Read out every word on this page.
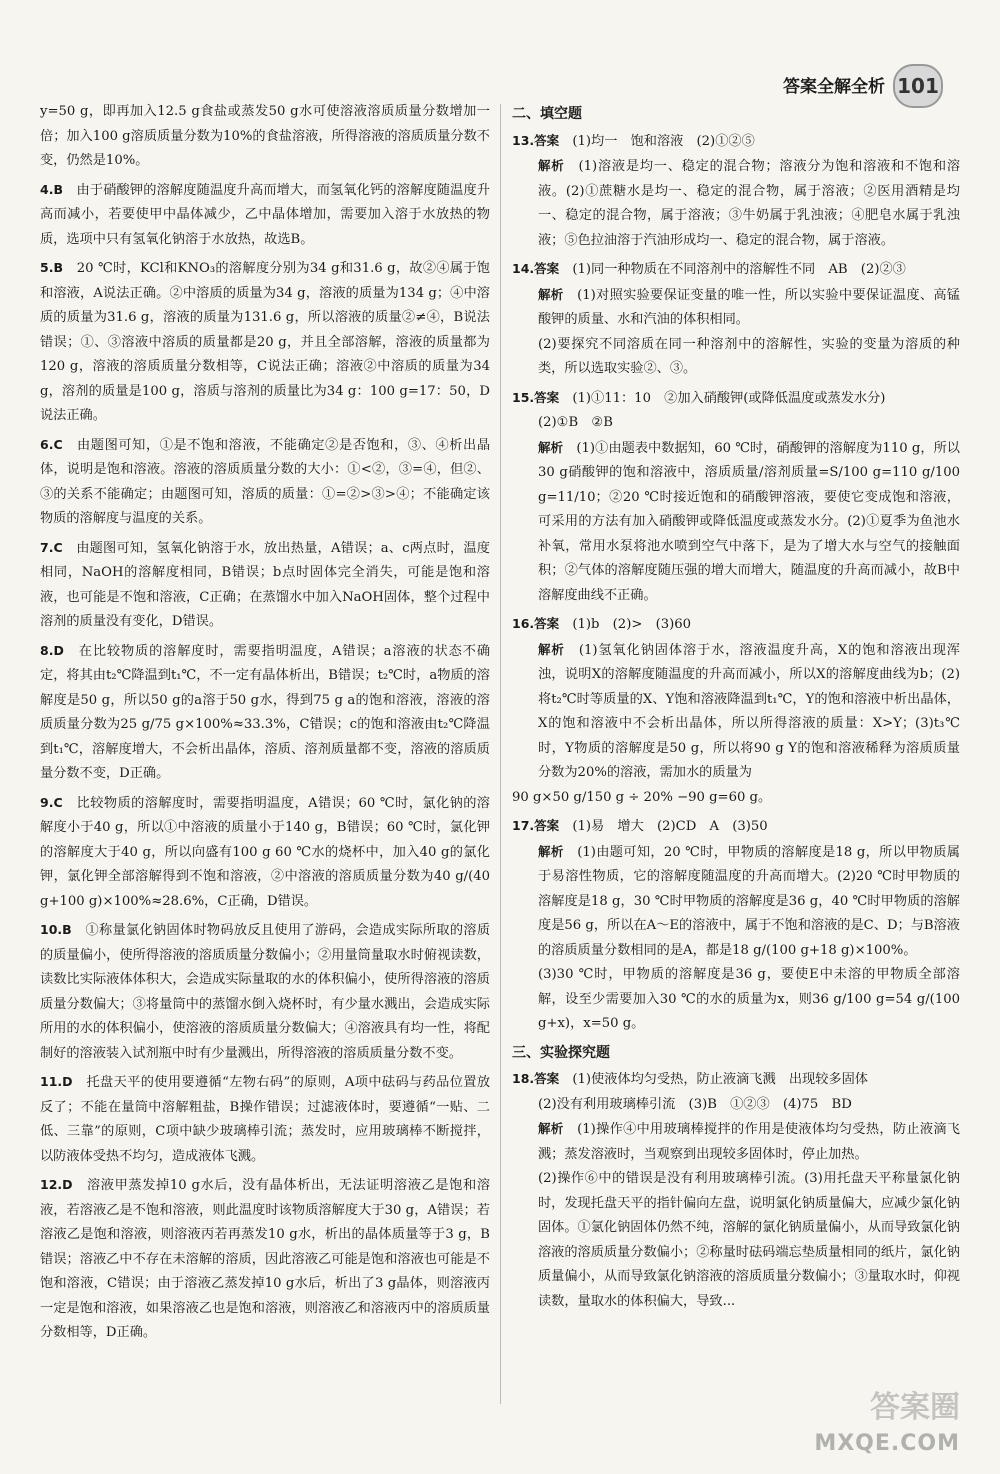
答案全解全析 101
y=50 g，即再加入12.5 g食盐或蒸发50 g水可使溶液溶质质量分数增加一倍；加入100 g溶质质量分数为10%的食盐溶液，所得溶液的溶质质量分数不变，仍然是10%。
4.B　 由于硝酸钾的溶解度随温度升高而增大，而氢氧化钙的溶解度随温度升高而减小，若要使甲中晶体减少，乙中晶体增加，需要加入溶于水放热的物质，选项中只有氢氧化钠溶于水放热，故选B。
5.B　 20 ℃时，KCl和KNO₃的溶解度分别为34 g和31.6 g，故②④属于饱和溶液，A说法正确。②中溶质的质量为34 g，溶液的质量为134 g；④中溶质的质量为31.6 g，溶液的质量为131.6 g，所以溶液的质量②≠④，B说法错误；①、③溶液中溶质的质量都是20 g，并且全部溶解，溶液的质量都为120 g，溶液的溶质质量分数相等，C说法正确；溶液②中溶质的质量为34 g，溶剂的质量是100 g，溶质与溶剂的质量比为34 g：100 g=17：50，D说法正确。
6.C　 由题图可知，①是不饱和溶液，不能确定②是否饱和，③、④析出晶体，说明是饱和溶液。溶液的溶质质量分数的大小：①<②，③=④，但②、③的关系不能确定；由题图可知，溶质的质量：①=②>③>④；不能确定该物质的溶解度与温度的关系。
7.C　 由题图可知，氢氧化钠溶于水，放出热量，A错误；a、c两点时，温度相同，NaOH的溶解度相同，B错误；b点时固体完全消失，可能是饱和溶液，也可能是不饱和溶液，C正确；在蒸馏水中加入NaOH固体，整个过程中溶剂的质量没有变化，D错误。
8.D　 在比较物质的溶解度时，需要指明温度，A错误；a溶液的状态不确定，将其由t₂℃降温到t₁℃，不一定有晶体析出，B错误；t₂℃时，a物质的溶解度是50 g，所以50 g的a溶于50 g水，得到75 g a的饱和溶液，溶液的溶质质量分数为25 g/75 g×100%≈33.3%，C错误；c的饱和溶液由t₂℃降温到t₁℃，溶解度增大，不会析出晶体，溶质、溶剂质量都不变，溶液的溶质质量分数不变，D正确。
9.C　 比较物质的溶解度时，需要指明温度，A错误；60 ℃时，氯化钠的溶解度小于40 g，所以①中溶液的质量小于140 g，B错误；60 ℃时，氯化钾的溶解度大于40 g，所以向盛有100 g 60 ℃水的烧杯中，加入40 g的氯化钾，氯化钾全部溶解得到不饱和溶液，②中溶液的溶质质量分数为40 g/(40 g+100 g)×100%≈28.6%，C正确，D错误。
10.B　 ①称量氯化钠固体时物码放反且使用了游码，会造成实际所取的溶质的质量偏小，使所得溶液的溶质质量分数偏小；②用量筒量取水时俯视读数，读数比实际液体体积大，会造成实际量取的水的体积偏小，使所得溶液的溶质质量分数偏大；③将量筒中的蒸馏水倒入烧杯时，有少量水溅出，会造成实际所用的水的体积偏小，使溶液的溶质质量分数偏大；④溶液具有均一性，将配制好的溶液装入试剂瓶中时有少量溅出，所得溶液的溶质质量分数不变。
11.D　 托盘天平的使用要遵循“左物右码”的原则，A项中砝码与药品位置放反了；不能在量筒中溶解粗盐，B操作错误；过滤液体时，要遵循“一贴、二低、三靠”的原则，C项中缺少玻璃棒引流；蒸发时，应用玻璃棒不断搅拌，以防液体受热不均匀，造成液体飞溅。
12.D　 溶液甲蒸发掉10 g水后，没有晶体析出，无法证明溶液乙是饱和溶液，若溶液乙是不饱和溶液，则此温度时该物质溶解度大于30 g，A错误；若溶液乙是饱和溶液，则溶液丙若再蒸发10 g水，析出的晶体质量等于3 g，B错误；溶液乙中不存在未溶解的溶质，因此溶液乙可能是饱和溶液也可能是不饱和溶液，C错误；由于溶液乙蒸发掉10 g水后，析出了3 g晶体，则溶液丙一定是饱和溶液，如果溶液乙也是饱和溶液，则溶液乙和溶液丙中的溶质质量分数相等，D正确。
二、填空题
13.答案　 (1)均一　饱和溶液　(2)①②⑤
解析　 (1)溶液是均一、稳定的混合物；溶液分为饱和溶液和不饱和溶液。(2)①蔗糖水是均一、稳定的混合物，属于溶液；②医用酒精是均一、稳定的混合物，属于溶液；③牛奶属于乳浊液；④肥皂水属于乳浊液；⑤色拉油溶于汽油形成均一、稳定的混合物，属于溶液。
14.答案　 (1)同一种物质在不同溶剂中的溶解性不同　AB　(2)②③
解析　 (1)对照实验要保证变量的唯一性，所以实验中要保证温度、高锰酸钾的质量、水和汽油的体积相同。
(2)要探究不同溶质在同一种溶剂中的溶解性，实验的变量为溶质的种类，所以选取实验②、③。
15.答案　 (1)①11：10　②加入硝酸钾(或降低温度或蒸发水分)
(2)①B　②B
解析　 (1)①由题表中数据知，60 ℃时，硝酸钾的溶解度为110 g，所以30 g硝酸钾的饱和溶液中，溶质质量/溶剂质量=S/100 g=110 g/100 g=11/10；②20 ℃时接近饱和的硝酸钾溶液，要使它变成饱和溶液，可采用的方法有加入硝酸钾或降低温度或蒸发水分。(2)①夏季为鱼池水补氧，常用水泵将池水喷到空气中落下，是为了增大水与空气的接触面积；②气体的溶解度随压强的增大而增大，随温度的升高而减小，故B中溶解度曲线不正确。
16.答案　 (1)b　(2)>　(3)60
解析　 (1)氢氧化钠固体溶于水，溶液温度升高，X的饱和溶液出现浑浊，说明X的溶解度随温度的升高而减小，所以X的溶解度曲线为b；(2)将t₂℃时等质量的X、Y饱和溶液降温到t₁℃，Y的饱和溶液中析出晶体，X的饱和溶液中不会析出晶体，所以所得溶液的质量：X>Y；(3)t₃℃时，Y物质的溶解度是50 g，所以将90 g Y的饱和溶液稀释为溶质质量分数为20%的溶液，需加水的质量为
90 g×50 g/150 g ÷ 20% −90 g=60 g。
17.答案　 (1)易　增大　(2)CD　A　(3)50
解析　 (1)由题可知，20 ℃时，甲物质的溶解度是18 g，所以甲物质属于易溶性物质，它的溶解度随温度的升高而增大。(2)20 ℃时甲物质的溶解度是18 g，30 ℃时甲物质的溶解度是36 g，40 ℃时甲物质的溶解度是56 g，所以在A～E的溶液中，属于不饱和溶液的是C、D；与B溶液的溶质质量分数相同的是A，都是18 g/(100 g+18 g)×100%。
(3)30 ℃时，甲物质的溶解度是36 g，要使E中未溶的甲物质全部溶解，设至少需要加入30 ℃的水的质量为x，则36 g/100 g=54 g/(100 g+x)，x=50 g。
三、实验探究题
18.答案　 (1)使液体均匀受热，防止液滴飞溅　出现较多固体
(2)没有利用玻璃棒引流　(3)B　①②③　(4)75　BD
解析　 (1)操作④中用玻璃棒搅拌的作用是使液体均匀受热，防止液滴飞溅；蒸发溶液时，当观察到出现较多固体时，停止加热。
(2)操作⑥中的错误是没有利用玻璃棒引流。(3)用托盘天平称量氯化钠时，发现托盘天平的指针偏向左盘，说明氯化钠质量偏大，应减少氯化钠固体。①氯化钠固体仍然不纯，溶解的氯化钠质量偏小，从而导致氯化钠溶液的溶质质量分数偏小；②称量时砝码端忘垫质量相同的纸片，氯化钠质量偏小，从而导致氯化钠溶液的溶质质量分数偏小；③量取水时，仰视读数，量取水的体积偏大，导致...
答案圈
MXQE.COM
